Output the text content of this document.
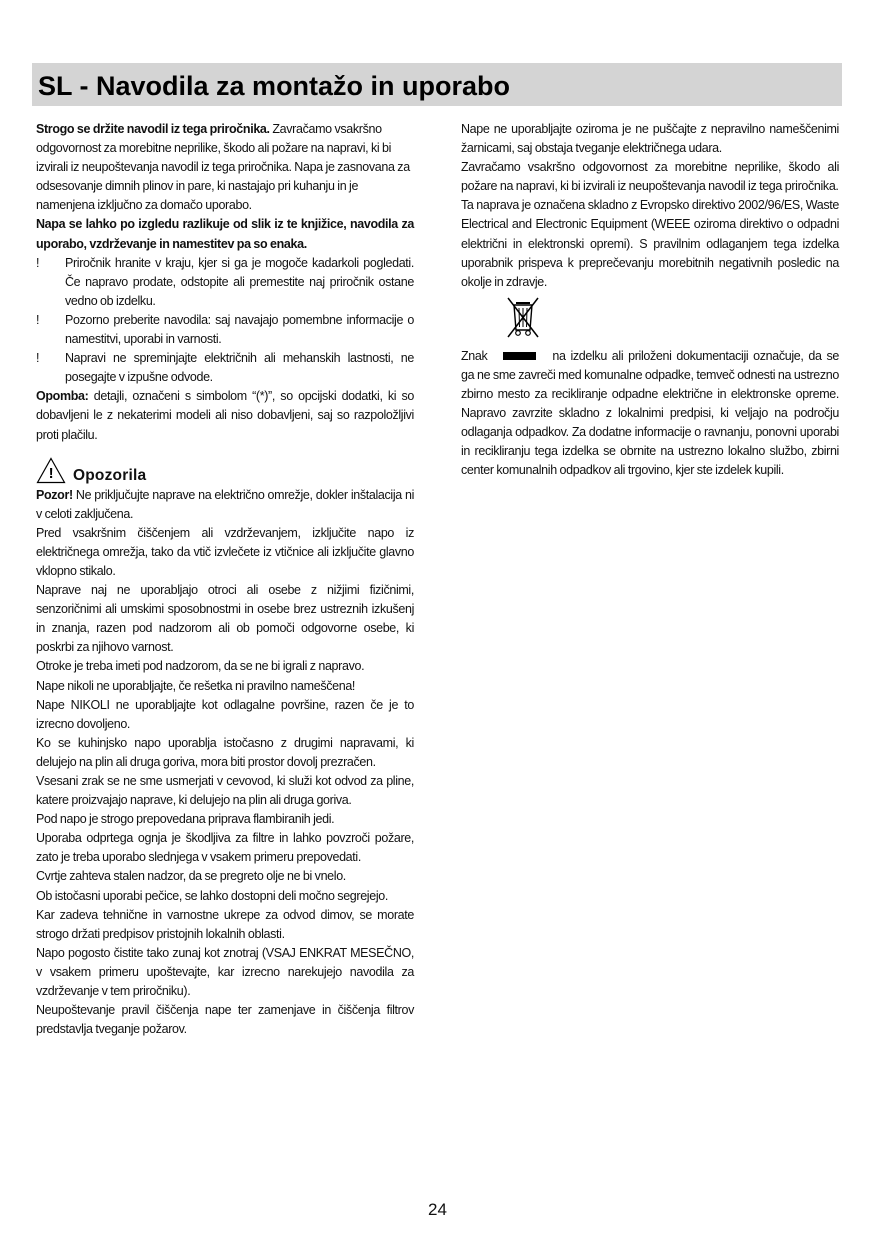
SL - Navodila za montažo in uporabo

Strogo se držite navodil iz tega priročnika. Zavračamo vsakršno odgovornost za morebitne neprilike, škodo ali požare na napravi, ki bi izvirali iz neupoštevanja navodil iz tega priročnika. Napa je zasnovana za odsesovanje dimnih plinov in pare, ki nastajajo pri kuhanju in je namenjena izključno za domačo uporabo.

Napa se lahko po izgledu razlikuje od slik iz te knjižice, navodila za uporabo, vzdrževanje in namestitev pa so enaka.

!	Priročnik hranite v kraju, kjer si ga je mogoče kadarkoli pogledati. Če napravo prodate, odstopite ali premestite naj priročnik ostane vedno ob izdelku.
!	Pozorno preberite navodila: saj navajajo pomembne informacije o namestitvi, uporabi in varnosti.
!	Napravi ne spreminjajte električnih ali mehanskih lastnosti, ne posegajte v izpušne odvode.

Opomba: detajli, označeni s simbolom “(*)”, so opcijski dodatki, ki so dobavljeni le z nekaterimi modeli ali niso dobavljeni, saj so razpoložljivi proti plačilu.

! Opozorila

Pozor! Ne priključujte naprave na električno omrežje, dokler inštalacija ni v celoti zaključena.

Pred vsakršnim čiščenjem ali vzdrževanjem, izključite napo iz električnega omrežja, tako da vtič izvlečete iz vtičnice ali izključite glavno vklopno stikalo.

Naprave naj ne uporabljajo otroci ali osebe z nižjimi fizičnimi, senzoričnimi ali umskimi sposobnostmi in osebe brez ustreznih izkušenj in znanja, razen pod nadzorom ali ob pomoči odgovorne osebe, ki poskrbi za njihovo varnost.

Otroke je treba imeti pod nadzorom, da se ne bi igrali z napravo.

Nape nikoli ne uporabljajte, če rešetka ni pravilno nameščena!

Nape NIKOLI ne uporabljajte kot odlagalne površine, razen če je to izrecno dovoljeno.

Ko se kuhinjsko napo uporablja istočasno z drugimi napravami, ki delujejo na plin ali druga goriva, mora biti prostor dovolj prezračen.

Vsesani zrak se ne sme usmerjati v cevovod, ki služi kot odvod za pline, katere proizvajajo naprave, ki delujejo na plin ali druga goriva.

Pod napo je strogo prepovedana priprava flambiranih jedi.

Uporaba odprtega ognja je škodljiva za filtre in lahko povzroči požare, zato je treba uporabo slednjega v vsakem primeru prepovedati.

Cvrtje zahteva stalen nadzor, da se pregreto olje ne bi vnelo.

Ob istočasni uporabi pečice, se lahko dostopni deli močno segrejejo.

Kar zadeva tehnične in varnostne ukrepe za odvod dimov, se morate strogo držati predpisov pristojnih lokalnih oblasti.

Napo pogosto čistite tako zunaj kot znotraj (VSAJ ENKRAT MESEČNO, v vsakem primeru upoštevajte, kar izrecno narekujejo navodila za vzdrževanje v tem priročniku).

Neupoštevanje pravil čiščenja nape ter zamenjave in čiščenja filtrov predstavlja tveganje požarov.

Nape ne uporabljajte oziroma je ne puščajte z nepravilno nameščenimi žarnicami, saj obstaja tveganje električnega udara.

Zavračamo vsakršno odgovornost za morebitne neprilike, škodo ali požare na napravi, ki bi izvirali iz neupoštevanja navodil iz tega priročnika.

Ta naprava je označena skladno z Evropsko direktivo 2002/96/ES, Waste Electrical and Electronic Equipment (WEEE oziroma direktivo o odpadni električni in elektronski opremi). S pravilnim odlaganjem tega izdelka uporabnik prispeva k preprečevanju morebitnih negativnih posledic na okolje in zdravje.

Znak	na izdelku ali priloženi dokumentaciji označuje, da se ga ne sme zavreči med komunalne odpadke, temveč odnesti na ustrezno zbirno mesto za recikliranje odpadne električne in elektronske opreme. Napravo zavrzite skladno z lokalnimi predpisi, ki veljajo na področju odlaganja odpadkov. Za dodatne informacije o ravnanju, ponovni uporabi in recikliranju tega izdelka se obrnite na ustrezno lokalno službo, zbirni center komunalnih odpadkov ali trgovino, kjer ste izdelek kupili.

24
